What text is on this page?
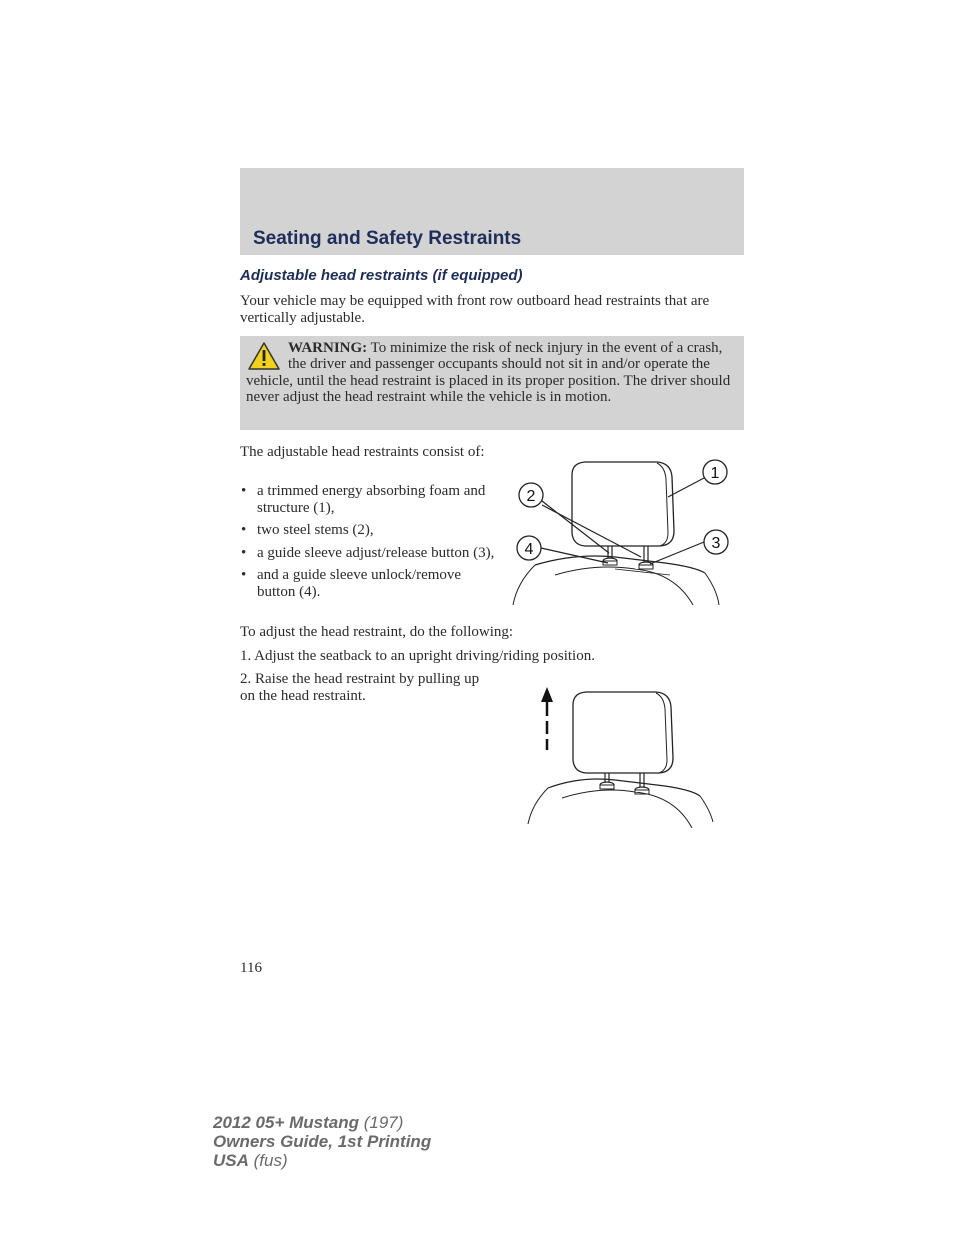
Seating and Safety Restraints
Adjustable head restraints (if equipped)
Your vehicle may be equipped with front row outboard head restraints that are vertically adjustable.
WARNING: To minimize the risk of neck injury in the event of a crash, the driver and passenger occupants should not sit in and/or operate the vehicle, until the head restraint is placed in its proper position. The driver should never adjust the head restraint while the vehicle is in motion.
The adjustable head restraints consist of:
• a trimmed energy absorbing foam and structure (1),
• two steel stems (2),
• a guide sleeve adjust/release button (3),
• and a guide sleeve unlock/remove button (4).
1
2
3
4
To adjust the head restraint, do the following:
1. Adjust the seatback to an upright driving/riding position.
2. Raise the head restraint by pulling up on the head restraint.
116
2012 05+ Mustang (197)
Owners Guide, 1st Printing
USA (fus)
